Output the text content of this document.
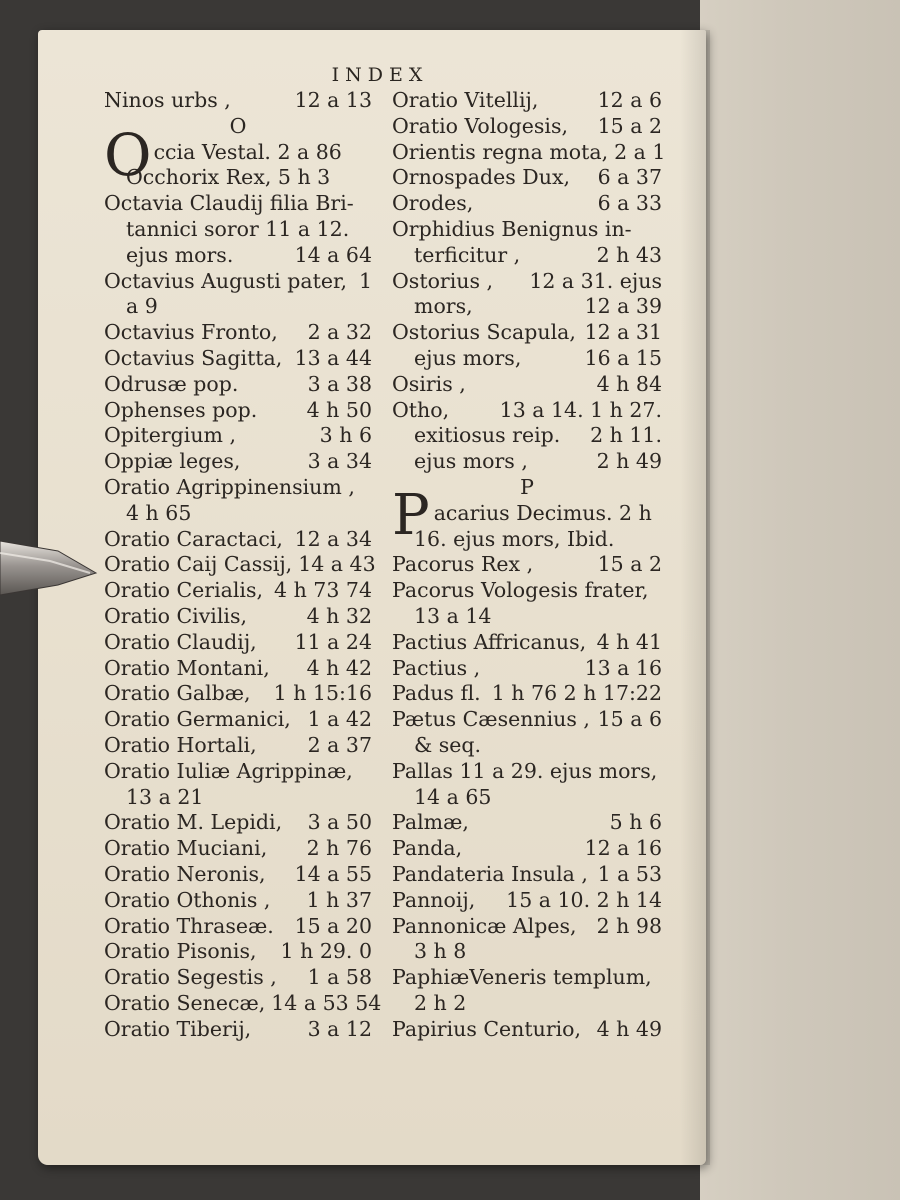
INDEX
Ninos urbs ,	12 a 13
O
Occia Vestal. 2 a 86
Occhorix Rex, 5 h 3
Octavia Claudij filia Bri-
tannici soror 11 a 12.
ejus mors.	14 a 64
Octavius Augusti pater, 1
a 9
Octavius Fronto, 2 a 32
Octavius Sagitta, 13 a 44
Odrusæ pop.	3 a 38
Ophenses pop. 4 h 50
Opitergium ,	3 h 6
Oppiæ leges,	3 a 34
Oratio Agrippinensium ,
4 h 65
Oratio Caractaci, 12 a 34
Oratio Caij Cassij, 14 a 43
Oratio Cerialis, 4 h 73 74
Oratio Civilis,	4 h 32
Oratio Claudij, 11 a 24
Oratio Montani, 4 h 42
Oratio Galbæ, 1 h 15:16
Oratio Germanici, 1 a 42
Oratio Hortali, 2 a 37
Oratio Iuliæ Agrippinæ,
13 a 21
Oratio M. Lepidi, 3 a 50
Oratio Muciani, 2 h 76
Oratio Neronis, 14 a 55
Oratio Othonis , 1 h 37
Oratio Thraseæ. 15 a 20
Oratio Pisonis, 1 h 29. 0
Oratio Segestis , 1 a 58
Oratio Senecæ, 14 a 53 54
Oratio Tiberij,	3 a 12
Oratio Vitellij,	12 a 6
Oratio Vologesis, 15 a 2
Orientis regna mota, 2 a 1
Ornospades Dux, 6 a 37
Orodes,	6 a 33
Orphidius Benignus in-
terficitur ,	2 h 43
Ostorius , 12 a 31. ejus
mors,	12 a 39
Ostorius Scapula, 12 a 31
ejus mors,	16 a 15
Osiris ,	4 h 84
Otho, 13 a 14. 1 h 27.
exitiosus reip. 2 h 11.
ejus mors ,	2 h 49
P
Pacarius Decimus. 2 h
16. ejus mors, Ibid.
Pacorus Rex ,	15 a 2
Pacorus Vologesis frater,
13 a 14
Pactius Affricanus, 4 h 41
Pactius ,	13 a 16
Padus fl. 1 h 76 2 h 17:22
Pætus Cæsennius , 15 a 6
& seq.
Pallas 11 a 29. ejus mors,
14 a 65
Palmæ,	5 h 6
Panda,	12 a 16
Pandateria Insula , 1 a 53
Pannoij, 15 a 10. 2 h 14
Pannonicæ Alpes, 2 h 98
3 h 8
PaphiæVeneris templum,
2 h 2
Papirius Centurio, 4 h 49
